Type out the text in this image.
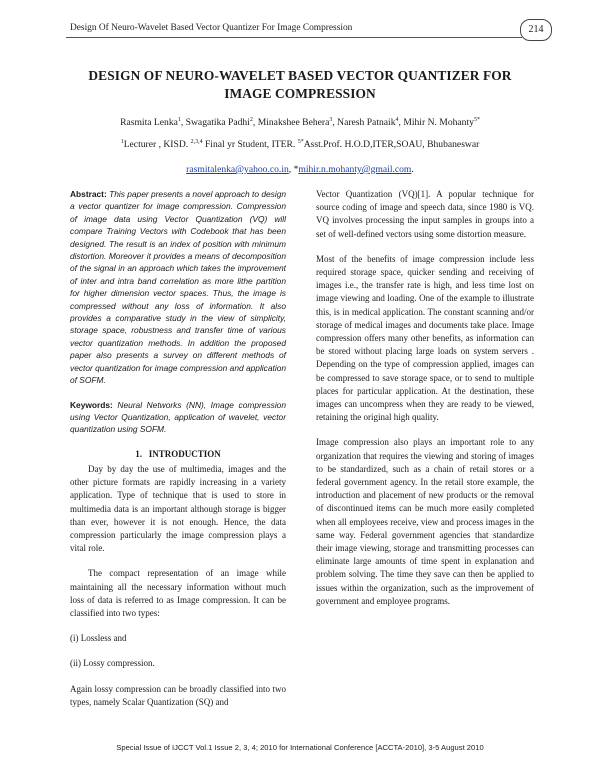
Design Of Neuro-Wavelet Based Vector Quantizer For Image Compression	214
DESIGN OF NEURO-WAVELET BASED VECTOR QUANTIZER FOR
IMAGE COMPRESSION
Rasmita Lenka$^1$, Swagatika Padhi$^2$, Minakshee Behera$^3$, Naresh Patnaik$^4$, Mihir N. Mohanty$^{5*}$
$^1$Lecturer , KISD. $^{2,3,4}$ Final yr Student, ITER. $^{5*}$Asst.Prof. H.O.D,ITER,SOAU, Bhubaneswar
rasmitalenka@yahoo.co.in, *mihir.n.mohanty@gmail.com.

Abstract: This paper presents a novel approach to design a vector quantizer for image compression. Compression of image data using Vector Quantization (VQ) will compare Training Vectors with Codebook that has been designed. The result is an index of position with minimum distortion. Moreover it provides a means of decomposition of the signal in an approach which takes the improvement of inter and intra band correlation as more lithe partition for higher dimension vector spaces. Thus, the image is compressed without any loss of information. It also provides a comparative study in the view of simplicity, storage space, robustness and transfer time of various vector quantization methods. In addition the proposed paper also presents a survey on different methods of vector quantization for image compression and application of SOFM.

Keywords: Neural Networks (NN), Image compression using Vector Quantization, application of wavelet, vector quantization using SOFM.

1.   INTRODUCTION

Day by day the use of multimedia, images and the other picture formats are rapidly increasing in a variety application. Type of technique that is used to store in multimedia data is an important although storage is bigger than ever, however it is not enough. Hence, the data compression particularly the image compression plays a vital role.

The compact representation of an image while maintaining all the necessary information without much loss of data is referred to as Image compression. It can be classified into two types:

(i) Lossless and

(ii) Lossy compression.

Again lossy compression can be broadly classified into two types, namely Scalar Quantization (SQ) and

Vector Quantization (VQ)[1]. A popular technique for source coding of image and speech data, since 1980 is VQ. VQ involves processing the input samples in groups into a set of well-defined vectors using some distortion measure.

Most of the benefits of image compression include less required storage space, quicker sending and receiving of images i.e., the transfer rate is high, and less time lost on image viewing and loading. One of the example to illustrate this, is in medical application. The constant scanning and/or storage of medical images and documents take place. Image compression offers many other benefits, as information can be stored without placing large loads on system servers . Depending on the type of compression applied, images can be compressed to save storage space, or to send to multiple places for particular application. At the destination, these images can uncompress when they are ready to be viewed, retaining the original high quality.

Image compression also plays an important role to any organization that requires the viewing and storing of images to be standardized, such as a chain of retail stores or a federal government agency. In the retail store example, the introduction and placement of new products or the removal of discontinued items can be much more easily completed when all employees receive, view and process images in the same way. Federal government agencies that standardize their image viewing, storage and transmitting processes can eliminate large amounts of time spent in explanation and problem solving. The time they save can then be applied to issues within the organization, such as the improvement of government and employee programs.

Special Issue of IJCCT Vol.1 Issue 2, 3, 4; 2010 for International Conference [ACCTA-2010], 3-5 August 2010
